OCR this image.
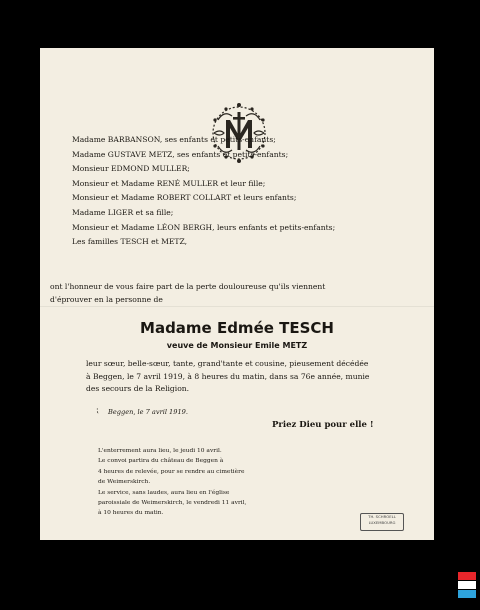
Madame BARBANSON, ses enfants et petits-enfants;
Madame GUSTAVE METZ, ses enfants et petits-enfants;
Monsieur EDMOND MULLER;
Monsieur et Madame RENÉ MULLER et leur fille;
Monsieur et Madame ROBERT COLLART et leurs enfants;
Madame LIGER et sa fille;
Monsieur et Madame LÉON BERGH, leurs enfants et petits-enfants;
Les familles TESCH et METZ,
ont l'honneur de vous faire part de la perte douloureuse qu'ils viennent
d'éprouver en la personne de
Madame Edmée TESCH
veuve de Monsieur Emile METZ
leur sœur, belle-sœur, tante, grand'tante et cousine, pieusement décédée
à Beggen, le 7 avril 1919, à 8 heures du matin, dans sa 76e année, munie
des secours de la Religion.
⁏ Beggen, le 7 avril 1919.
Priez Dieu pour elle !
L'enterrement aura lieu, le jeudi 10 avril.
Le convoi partira du château de Beggen à
4 heures de relevée, pour se rendre au cimetière
de Weimerskirch.
Le service, sans laudes, aura lieu en l'église
paroissiale de Weimerskirch, le vendredi 11 avril,
à 10 heures du matin.
TH. SCHROELL
LUXEMBOURG
